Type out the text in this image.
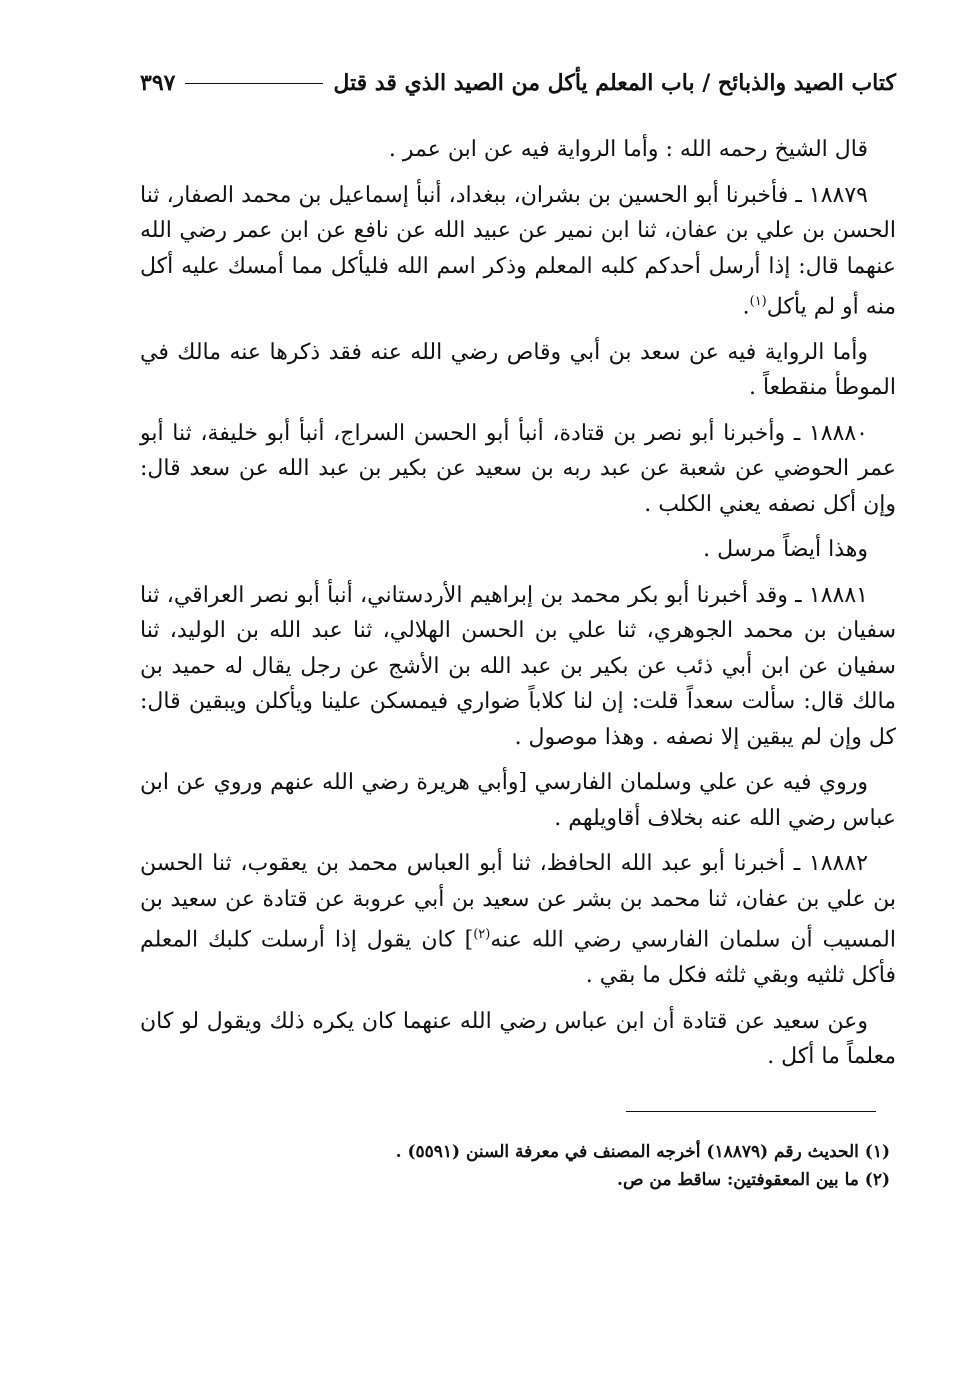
كتاب الصيد والذبائح / باب المعلم يأكل من الصيد الذي قد قتل
٣٩٧

قال الشيخ رحمه الله : وأما الرواية فيه عن ابن عمر .

١٨٨٧٩ ـ فأخبرنا أبو الحسين بن بشران، ببغداد، أنبأ إسماعيل بن محمد الصفار، ثنا الحسن بن علي بن عفان، ثنا ابن نمير عن عبيد الله عن نافع عن ابن عمر رضي الله عنهما قال: إذا أرسل أحدكم كلبه المعلم وذكر اسم الله فليأكل مما أمسك عليه أكل منه أو لم يأكل$^{(١)}$.

وأما الرواية فيه عن سعد بن أبي وقاص رضي الله عنه فقد ذكرها عنه مالك في الموطأ منقطعاً .

١٨٨٨٠ ـ وأخبرنا أبو نصر بن قتادة، أنبأ أبو الحسن السراج، أنبأ أبو خليفة، ثنا أبو عمر الحوضي عن شعبة عن عبد ربه بن سعيد عن بكير بن عبد الله عن سعد قال: وإن أكل نصفه يعني الكلب .

وهذا أيضاً مرسل .

١٨٨٨١ ـ وقد أخبرنا أبو بكر محمد بن إبراهيم الأردستاني، أنبأ أبو نصر العراقي، ثنا سفيان بن محمد الجوهري، ثنا علي بن الحسن الهلالي، ثنا عبد الله بن الوليد، ثنا سفيان عن ابن أبي ذئب عن بكير بن عبد الله بن الأشج عن رجل يقال له حميد بن مالك قال: سألت سعداً قلت: إن لنا كلاباً ضواري فيمسكن علينا ويأكلن ويبقين قال: كل وإن لم يبقين إلا نصفه . وهذا موصول .

وروي فيه عن علي وسلمان الفارسي [وأبي هريرة رضي الله عنهم وروي عن ابن عباس رضي الله عنه بخلاف أقاويلهم .

١٨٨٨٢ ـ أخبرنا أبو عبد الله الحافظ، ثنا أبو العباس محمد بن يعقوب، ثنا الحسن بن علي بن عفان، ثنا محمد بن بشر عن سعيد بن أبي عروبة عن قتادة عن سعيد بن المسيب أن سلمان الفارسي رضي الله عنه$^{(٢)}$] كان يقول إذا أرسلت كلبك المعلم فأكل ثلثيه وبقي ثلثه فكل ما بقي .

وعن سعيد عن قتادة أن ابن عباس رضي الله عنهما كان يكره ذلك ويقول لو كان معلماً ما أكل .

(١) الحديث رقم (١٨٨٧٩) أخرجه المصنف في معرفة السنن (٥٥٩١) .
(٢) ما بين المعقوفتين: ساقط من ص.
